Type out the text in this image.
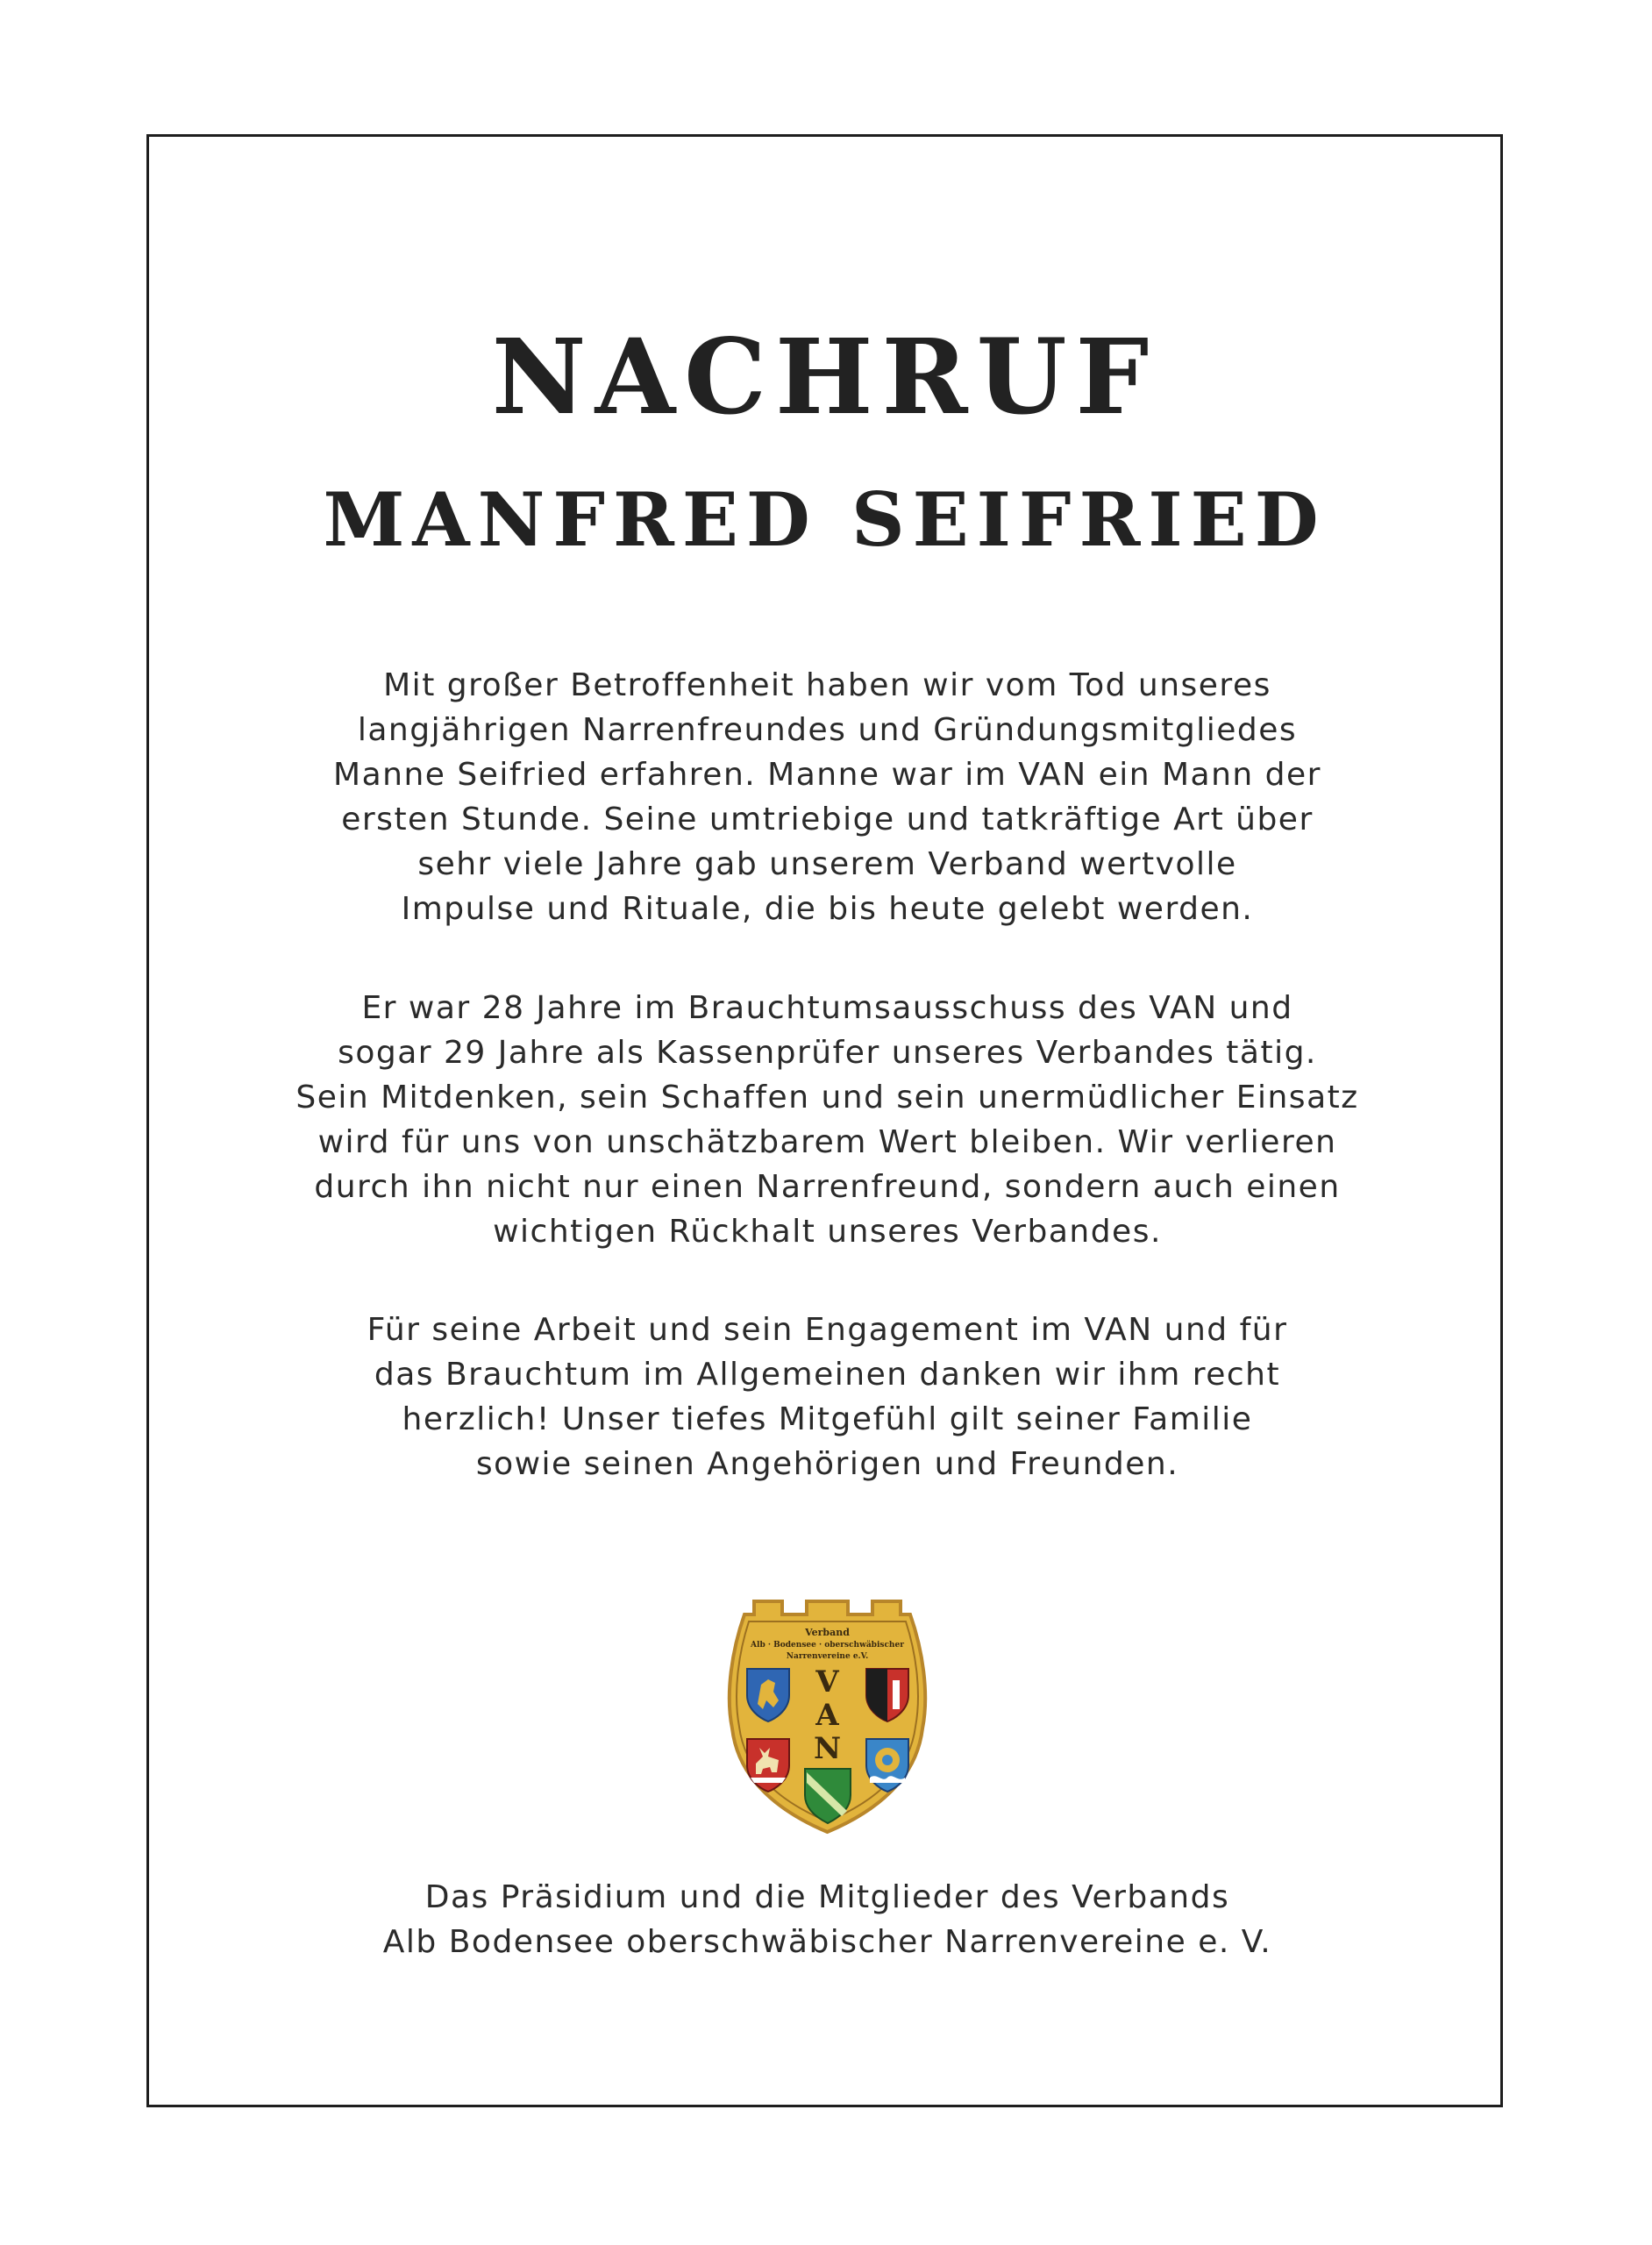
NACHRUF
MANFRED SEIFRIED

Mit großer Betroffenheit haben wir vom Tod unseres
langjährigen Narrenfreundes und Gründungsmitgliedes
Manne Seifried erfahren. Manne war im VAN ein Mann der
ersten Stunde. Seine umtriebige und tatkräftige Art über
sehr viele Jahre gab unserem Verband wertvolle
Impulse und Rituale, die bis heute gelebt werden.

Er war 28 Jahre im Brauchtumsausschuss des VAN und
sogar 29 Jahre als Kassenprüfer unseres Verbandes tätig.
Sein Mitdenken, sein Schaffen und sein unermüdlicher Einsatz
wird für uns von unschätzbarem Wert bleiben. Wir verlieren
durch ihn nicht nur einen Narrenfreund, sondern auch einen
wichtigen Rückhalt unseres Verbandes.

Für seine Arbeit und sein Engagement im VAN und für
das Brauchtum im Allgemeinen danken wir ihm recht
herzlich! Unser tiefes Mitgefühl gilt seiner Familie
sowie seinen Angehörigen und Freunden.

Verband
Alb · Bodensee · oberschwäbischer
Narrenvereine e.V.
V
A
N

Das Präsidium und die Mitglieder des Verbands
Alb Bodensee oberschwäbischer Narrenvereine e. V.
